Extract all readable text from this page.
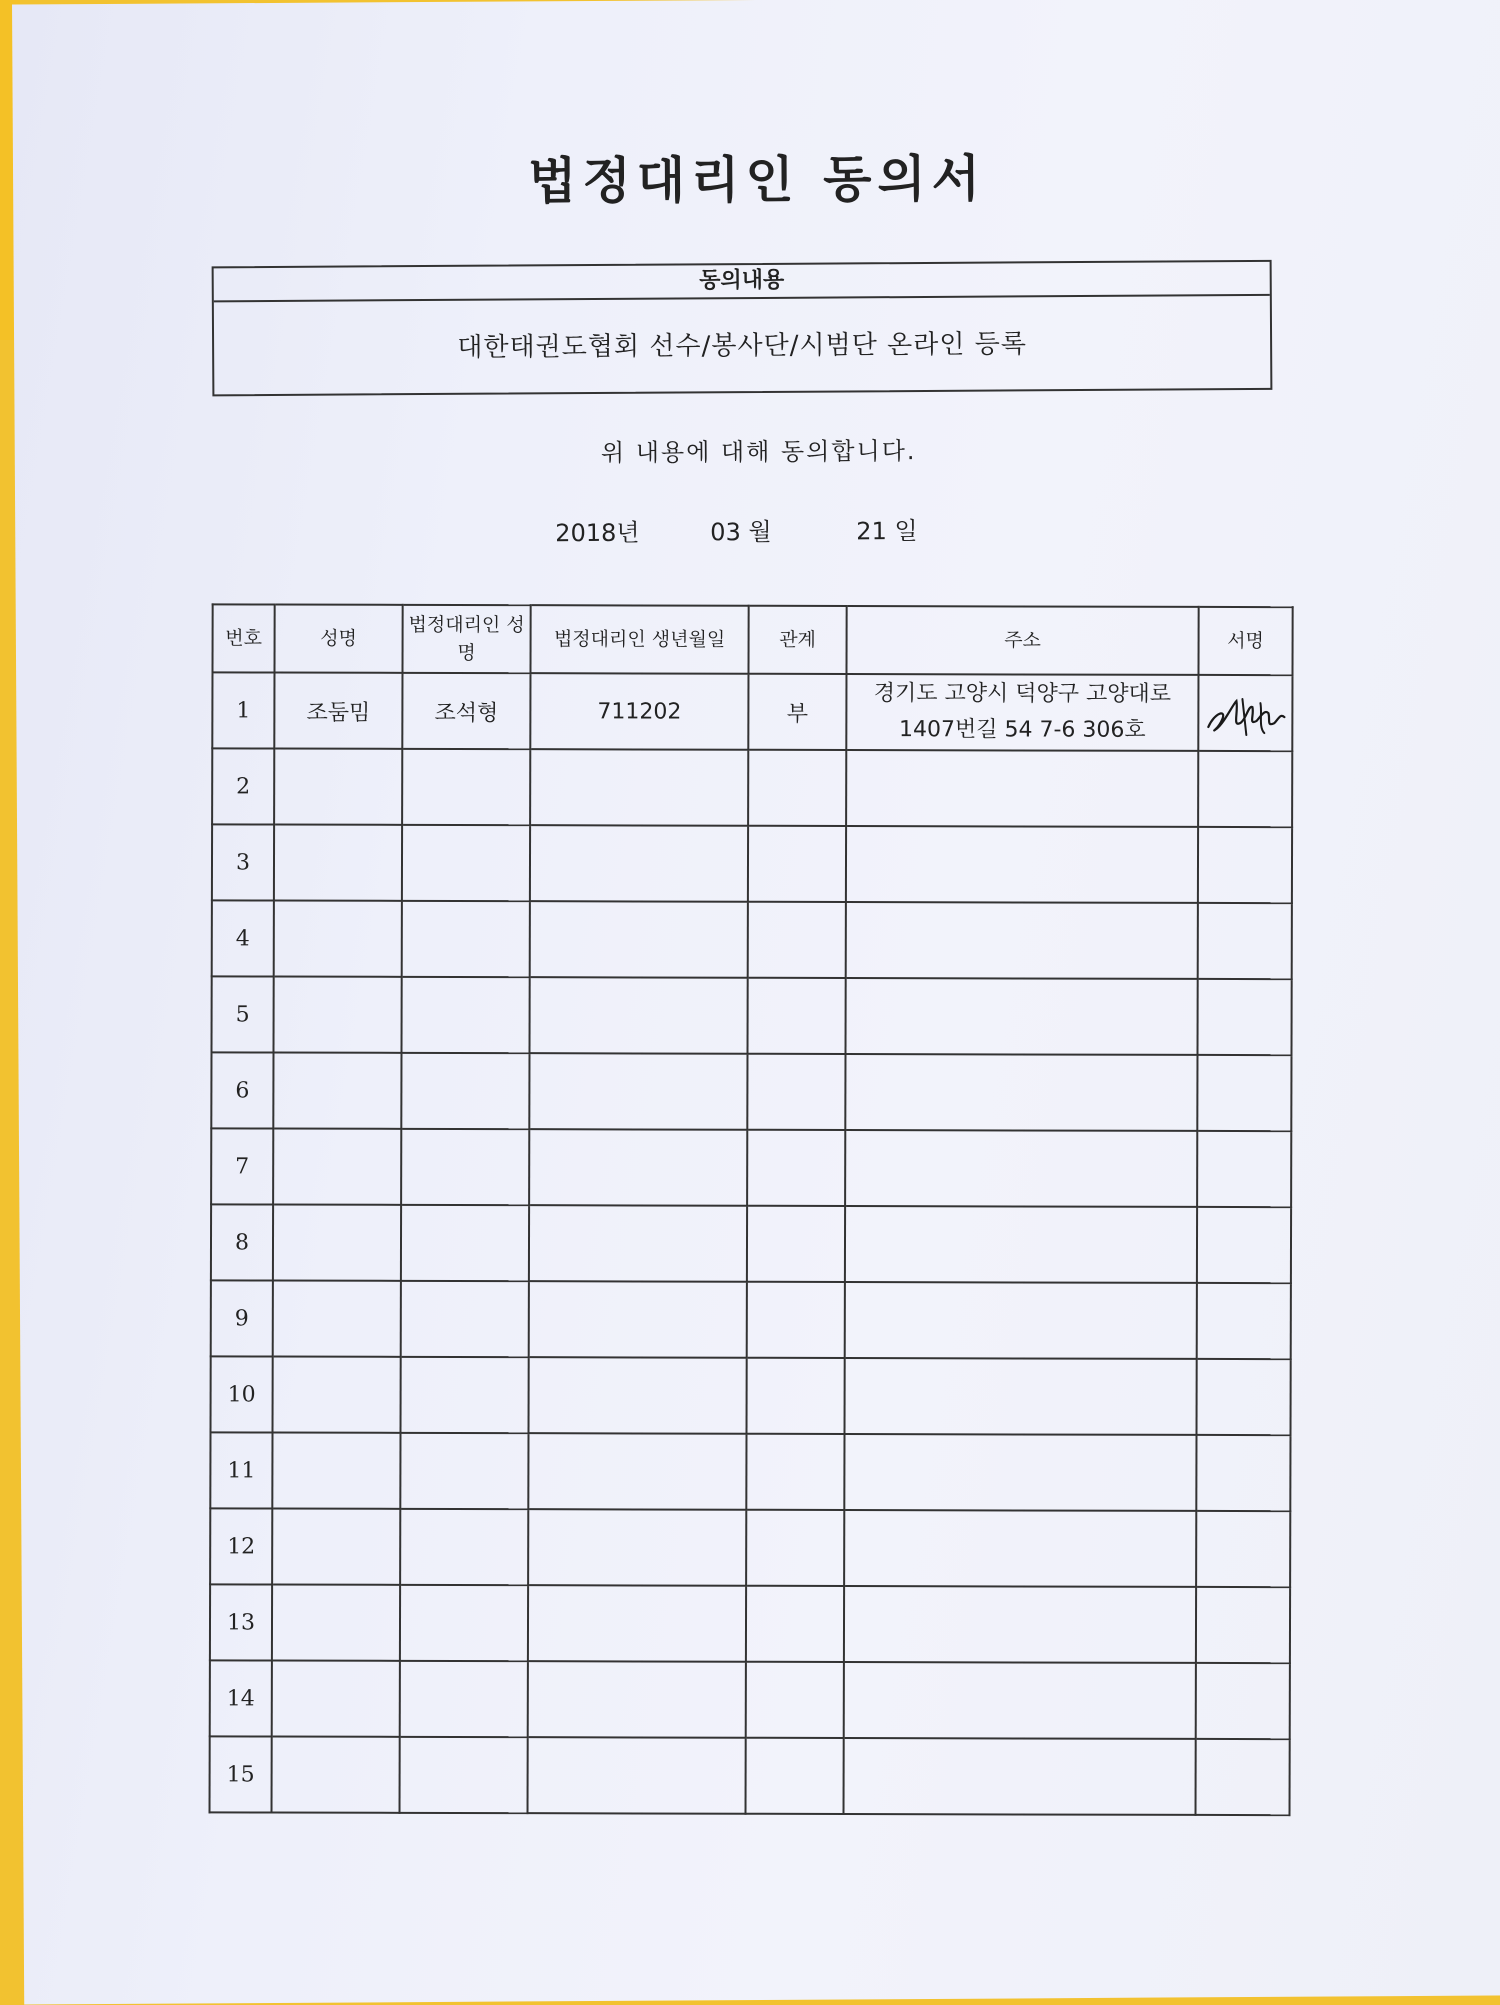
법정대리인 동의서
동의내용
대한태권도협회 선수/봉사단/시범단 온라인 등록
위 내용에 대해 동의합니다.
2018년	03 월	21 일
번호	성명	법정대리인 성명	법정대리인 생년월일	관계	주소	서명
1	조둠밈	조석형	711202	부	경기도 고양시 덕양구 고양대로 1407번길 54 7-6 306호	

2						
3						
4						
5						
6						
7						
8						
9						
10						
11						
12						
13						
14						
15						
